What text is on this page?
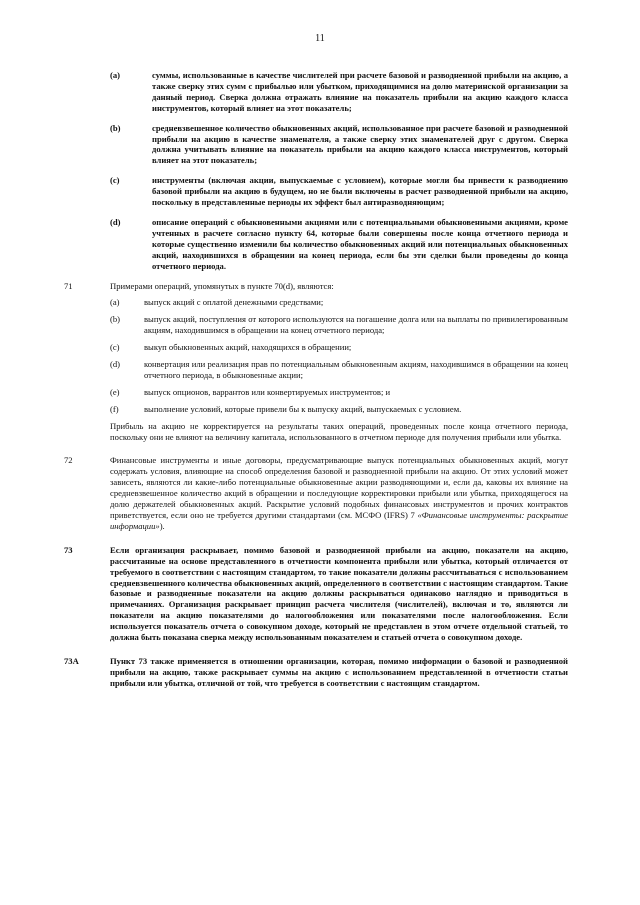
11
(a)	суммы, использованные в качестве числителей при расчете базовой и разводненной прибыли на акцию, а также сверку этих сумм с прибылью или убытком, приходящимися на долю материнской организации за данный период. Сверка должна отражать влияние на показатель прибыли на акцию каждого класса инструментов, который влияет на этот показатель;
(b)	средневзвешенное количество обыкновенных акций, использованное при расчете базовой и разводненной прибыли на акцию в качестве знаменателя, а также сверку этих знаменателей друг с другом. Сверка должна учитывать влияние на показатель прибыли на акцию каждого класса инструментов, который влияет на этот показатель;
(c)	инструменты (включая акции, выпускаемые с условием), которые могли бы привести к разводнению базовой прибыли на акцию в будущем, но не были включены в расчет разводненной прибыли на акцию, поскольку в представленные периоды их эффект был антиразводняющим;
(d)	описание операций с обыкновенными акциями или с потенциальными обыкновенными акциями, кроме учтенных в расчете согласно пункту 64, которые были совершены после конца отчетного периода и которые существенно изменили бы количество обыкновенных акций или потенциальных обыкновенных акций, находившихся в обращении на конец периода, если бы эти сделки были проведены до конца отчетного периода.
71	Примерами операций, упомянутых в пункте 70(d), являются:
(a)	выпуск акций с оплатой денежными средствами;
(b)	выпуск акций, поступления от которого используются на погашение долга или на выплаты по привилегированным акциям, находившимся в обращении на конец отчетного периода;
(c)	выкуп обыкновенных акций, находящихся в обращении;
(d)	конвертация или реализация прав по потенциальным обыкновенным акциям, находившимся в обращении на конец отчетного периода, в обыкновенные акции;
(e)	выпуск опционов, варрантов или конвертируемых инструментов; и
(f)	выполнение условий, которые привели бы к выпуску акций, выпускаемых с условием.
Прибыль на акцию не корректируется на результаты таких операций, проведенных после конца отчетного периода, поскольку они не влияют на величину капитала, использованного в отчетном периоде для получения прибыли или убытка.
72	Финансовые инструменты и иные договоры, предусматривающие выпуск потенциальных обыкновенных акций, могут содержать условия, влияющие на способ определения базовой и разводненной прибыли на акцию. От этих условий может зависеть, являются ли какие-либо потенциальные обыкновенные акции разводняющими и, если да, каковы их влияние на средневзвешенное количество акций в обращении и последующие корректировки прибыли или убытка, приходящегося на долю держателей обыкновенных акций. Раскрытие условий подобных финансовых инструментов и прочих контрактов приветствуется, если оно не требуется другими стандартами (см. МСФО (IFRS) 7 «Финансовые инструменты: раскрытие информации»).
73	Если организация раскрывает, помимо базовой и разводненной прибыли на акцию, показатели на акцию, рассчитанные на основе представленного в отчетности компонента прибыли или убытка, который отличается от требуемого в соответствии с настоящим стандартом, то такие показатели должны рассчитываться с использованием средневзвешенного количества обыкновенных акций, определенного в соответствии с настоящим стандартом. Такие базовые и разводненные показатели на акцию должны раскрываться одинаково наглядно и приводиться в примечаниях. Организация раскрывает принцип расчета числителя (числителей), включая и то, являются ли показатели на акцию показателями до налогообложения или показателями после налогообложения. Если используется показатель отчета о совокупном доходе, который не представлен в этом отчете отдельной статьей, то должна быть показана сверка между использованным показателем и статьей отчета о совокупном доходе.
73А	Пункт 73 также применяется в отношении организации, которая, помимо информации о базовой и разводненной прибыли на акцию, также раскрывает суммы на акцию с использованием представленной в отчетности статьи прибыли или убытка, отличной от той, что требуется в соответствии с настоящим стандартом.
